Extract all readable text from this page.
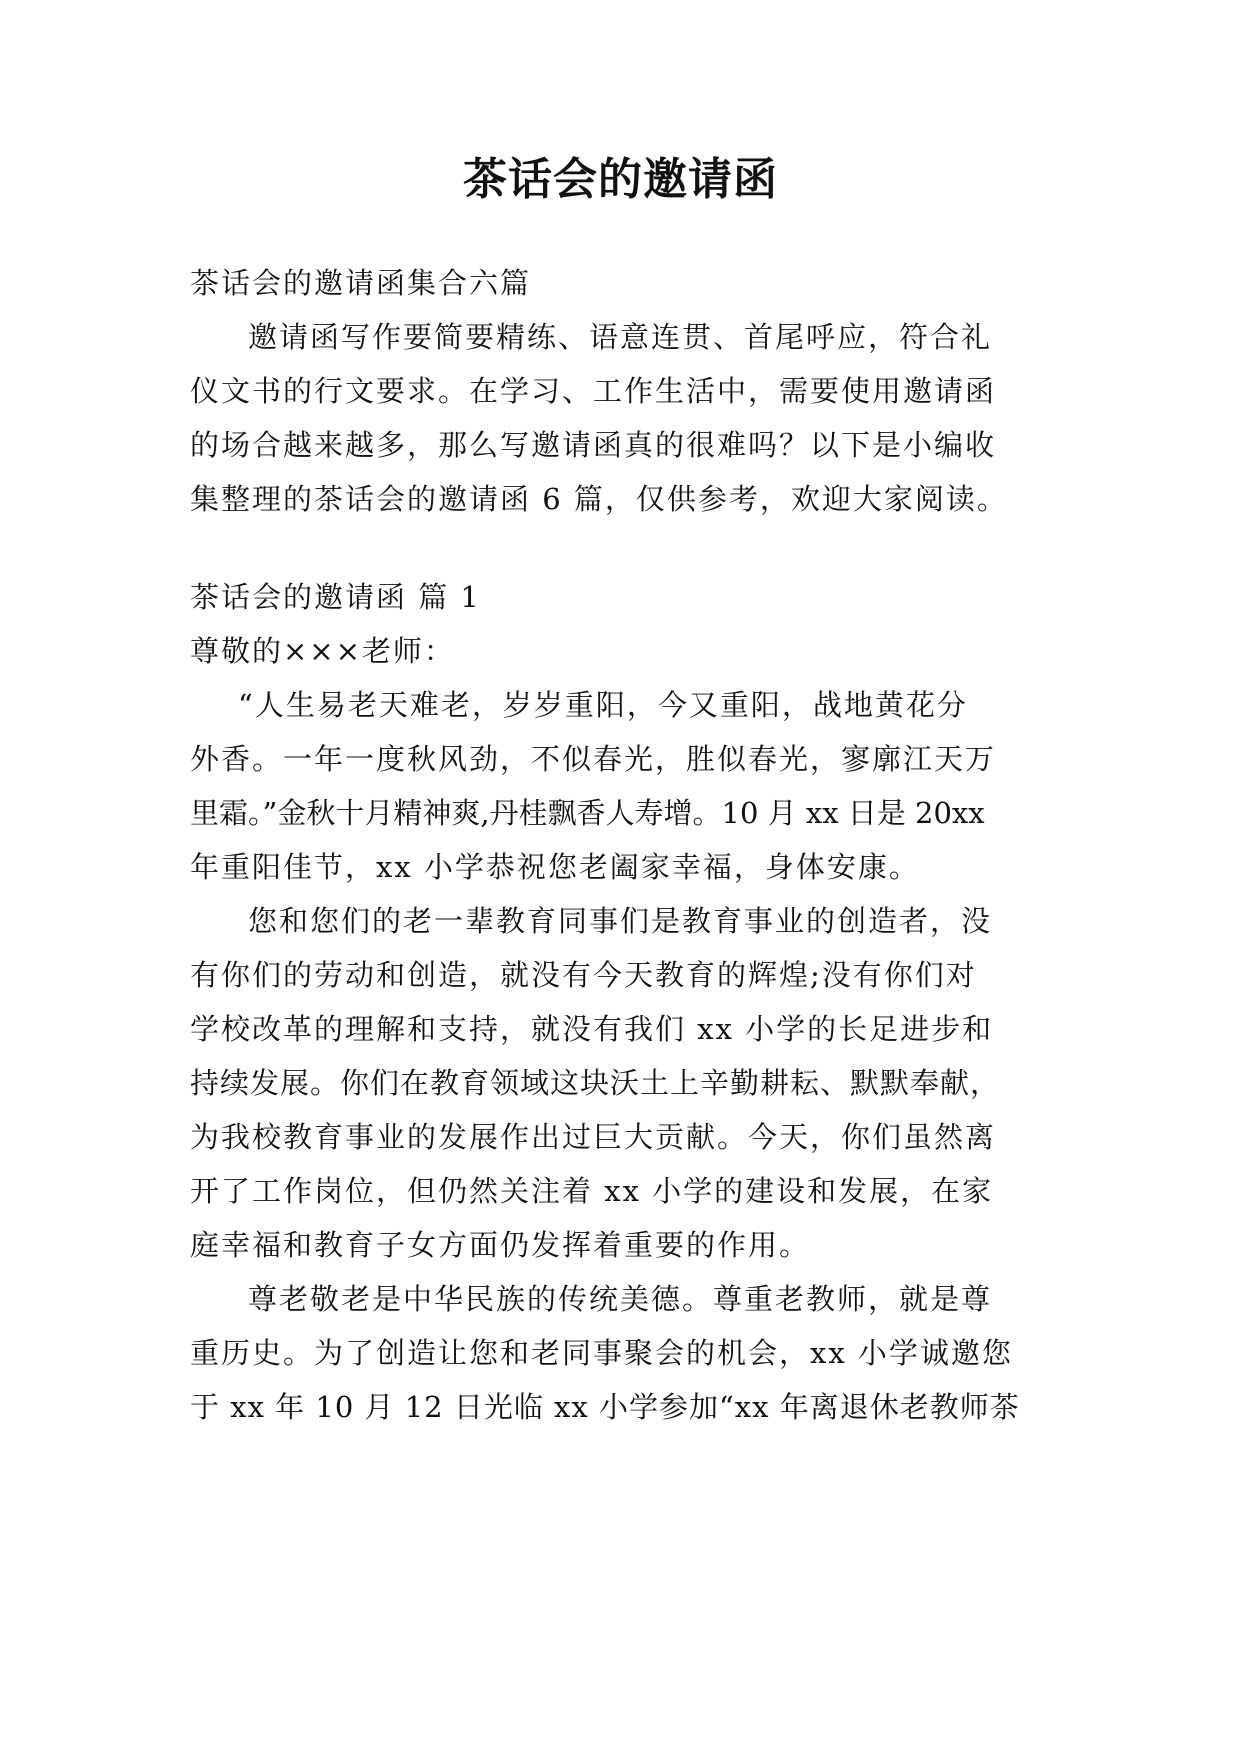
茶话会的邀请函

茶话会的邀请函集合六篇

邀请函写作要简要精练、语意连贯、首尾呼应，符合礼

仪文书的行文要求。在学习、工作生活中，需要使用邀请函

的场合越来越多，那么写邀请函真的很难吗？以下是小编收

集整理的茶话会的邀请函 6 篇，仅供参考，欢迎大家阅读。

茶话会的邀请函 篇 1

尊敬的×××老师：

“人生易老天难老，岁岁重阳，今又重阳，战地黄花分

外香。一年一度秋风劲，不似春光，胜似春光，寥廓江天万

里霜。”金秋十月精神爽,丹桂飘香人寿增。10 月 xx 日是 20xx

年重阳佳节，xx 小学恭祝您老阖家幸福，身体安康。

您和您们的老一辈教育同事们是教育事业的创造者，没

有你们的劳动和创造，就没有今天教育的辉煌;没有你们对

学校改革的理解和支持，就没有我们 xx 小学的长足进步和

持续发展。你们在教育领域这块沃土上辛勤耕耘、默默奉献，

为我校教育事业的发展作出过巨大贡献。今天，你们虽然离

开了工作岗位，但仍然关注着 xx 小学的建设和发展，在家

庭幸福和教育子女方面仍发挥着重要的作用。

尊老敬老是中华民族的传统美德。尊重老教师，就是尊

重历史。为了创造让您和老同事聚会的机会，xx 小学诚邀您

于 xx 年 10 月 12 日光临 xx 小学参加“xx 年离退休老教师茶
